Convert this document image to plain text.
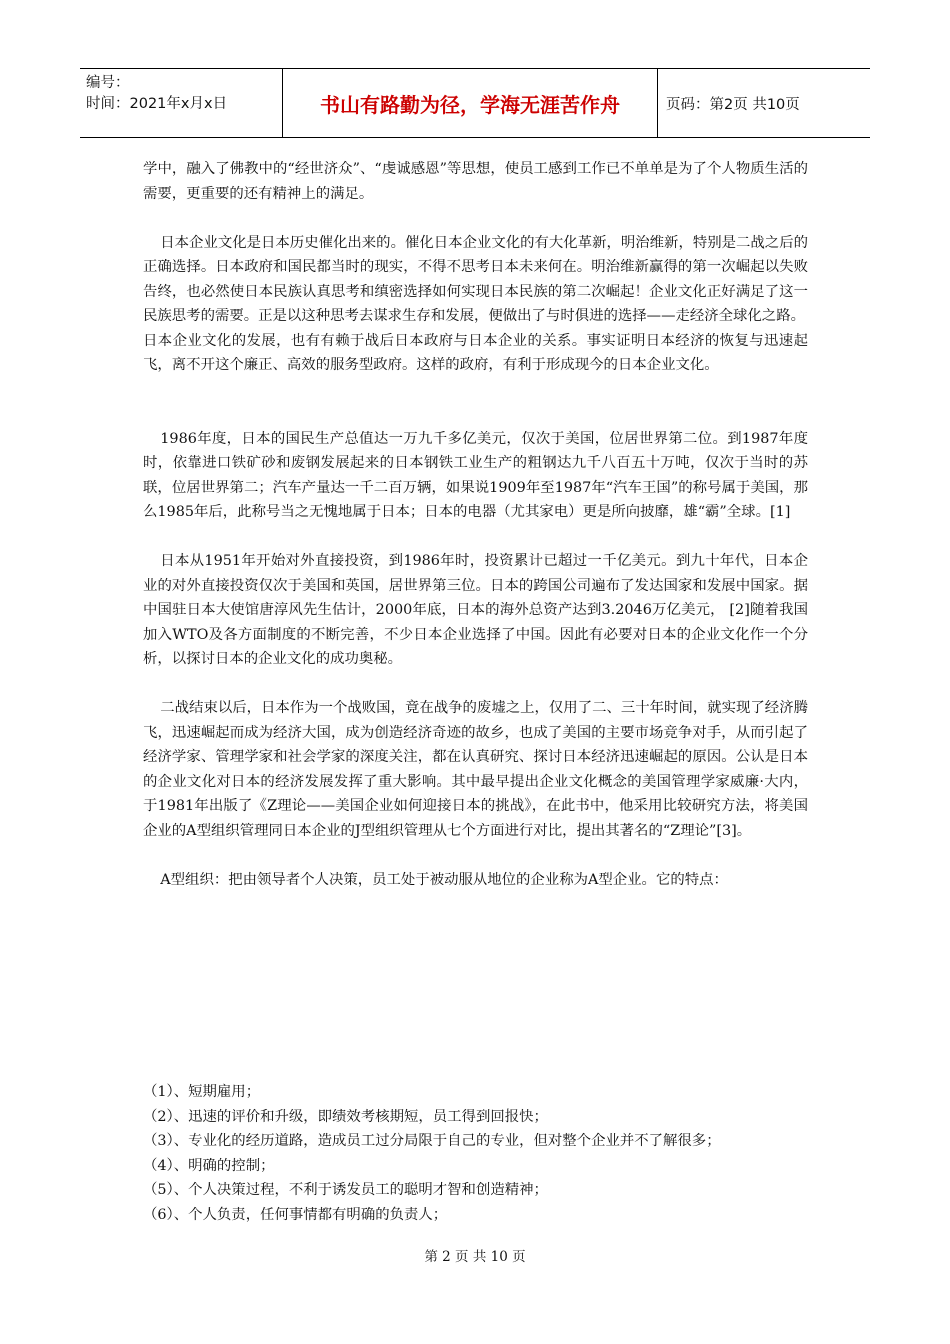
编号：
时间：2021年x月x日	书山有路勤为径，学海无涯苦作舟	页码：第2页 共10页

学中，融入了佛教中的“经世济众”、“虔诚感恩”等思想，使员工感到工作已不单单是为了个人物质生活的需要，更重要的还有精神上的满足。

日本企业文化是日本历史催化出来的。催化日本企业文化的有大化革新，明治维新，特别是二战之后的正确选择。日本政府和国民都当时的现实，不得不思考日本未来何在。明治维新赢得的第一次崛起以失败告终，也必然使日本民族认真思考和缜密选择如何实现日本民族的第二次崛起！企业文化正好满足了这一民族思考的需要。正是以这种思考去谋求生存和发展，便做出了与时俱进的选择——走经济全球化之路。

日本企业文化的发展，也有有赖于战后日本政府与日本企业的关系。事实证明日本经济的恢复与迅速起飞，离不开这个廉正、高效的服务型政府。这样的政府，有利于形成现今的日本企业文化。

1986年度，日本的国民生产总值达一万九千多亿美元，仅次于美国，位居世界第二位。到1987年度时，依靠进口铁矿砂和废钢发展起来的日本钢铁工业生产的粗钢达九千八百五十万吨，仅次于当时的苏联，位居世界第二；汽车产量达一千二百万辆，如果说1909年至1987年“汽车王国”的称号属于美国，那么1985年后，此称号当之无愧地属于日本；日本的电器（尤其家电）更是所向披靡，雄“霸”全球。[1]

日本从1951年开始对外直接投资，到1986年时，投资累计已超过一千亿美元。到九十年代，日本企业的对外直接投资仅次于美国和英国，居世界第三位。日本的跨国公司遍布了发达国家和发展中国家。据中国驻日本大使馆唐淳风先生估计，2000年底，日本的海外总资产达到3.2046万亿美元， [2]随着我国加入WTO及各方面制度的不断完善，不少日本企业选择了中国。因此有必要对日本的企业文化作一个分析，以探讨日本的企业文化的成功奥秘。

二战结束以后，日本作为一个战败国，竟在战争的废墟之上，仅用了二、三十年时间，就实现了经济腾飞，迅速崛起而成为经济大国，成为创造经济奇迹的故乡，也成了美国的主要市场竞争对手，从而引起了经济学家、管理学家和社会学家的深度关注，都在认真研究、探讨日本经济迅速崛起的原因。公认是日本的企业文化对日本的经济发展发挥了重大影响。其中最早提出企业文化概念的美国管理学家威廉·大内，于1981年出版了《Z理论——美国企业如何迎接日本的挑战》，在此书中，他采用比较研究方法，将美国企业的A型组织管理同日本企业的J型组织管理从七个方面进行对比，提出其著名的“Z理论”[3]。

A型组织：把由领导者个人决策，员工处于被动服从地位的企业称为A型企业。它的特点：

（1）、短期雇用；
（2）、迅速的评价和升级，即绩效考核期短，员工得到回报快；
（3）、专业化的经历道路，造成员工过分局限于自己的专业，但对整个企业并不了解很多；
（4）、明确的控制；
（5）、个人决策过程，不利于诱发员工的聪明才智和创造精神；
（6）、个人负责，任何事情都有明确的负责人；
第 2 页 共 10 页
